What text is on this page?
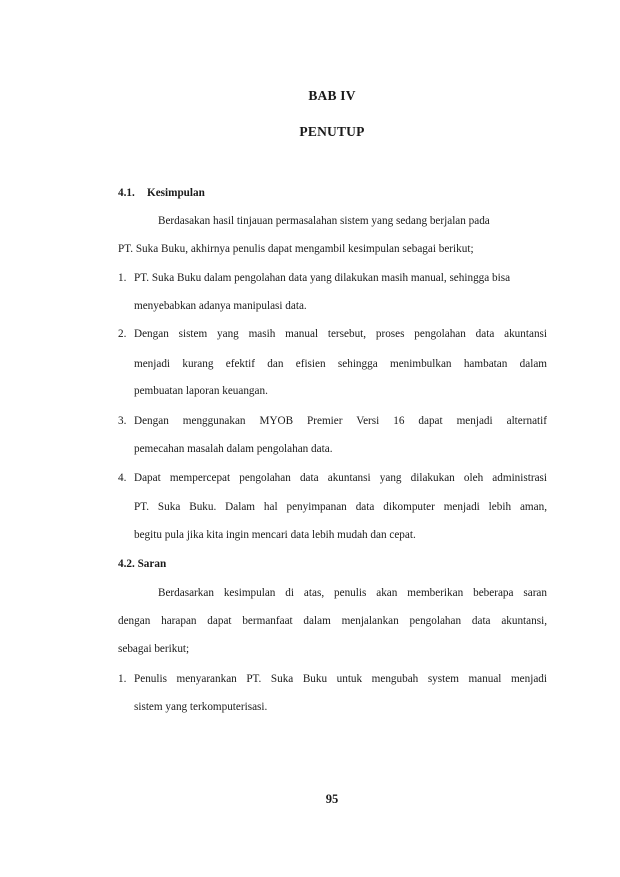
BAB IV
PENUTUP
4.1. Kesimpulan
Berdasakan hasil tinjauan permasalahan sistem yang sedang berjalan pada
PT. Suka Buku, akhirnya penulis dapat mengambil kesimpulan sebagai berikut;
1. PT. Suka Buku dalam pengolahan data yang dilakukan masih manual, sehingga bisa
menyebabkan adanya manipulasi data.
2. Dengan sistem yang masih manual tersebut, proses pengolahan data akuntansi
menjadi kurang efektif dan efisien sehingga menimbulkan hambatan dalam
pembuatan laporan keuangan.
3. Dengan menggunakan MYOB Premier Versi 16 dapat menjadi alternatif
pemecahan masalah dalam pengolahan data.
4. Dapat mempercepat pengolahan data akuntansi yang dilakukan oleh administrasi
PT. Suka Buku. Dalam hal penyimpanan data dikomputer menjadi lebih aman,
begitu pula jika kita ingin mencari data lebih mudah dan cepat.
4.2. Saran
Berdasarkan kesimpulan di atas, penulis akan memberikan beberapa saran
dengan harapan dapat bermanfaat dalam menjalankan pengolahan data akuntansi,
sebagai berikut;
1. Penulis menyarankan PT. Suka Buku untuk mengubah system manual menjadi
sistem yang terkomputerisasi.
95
